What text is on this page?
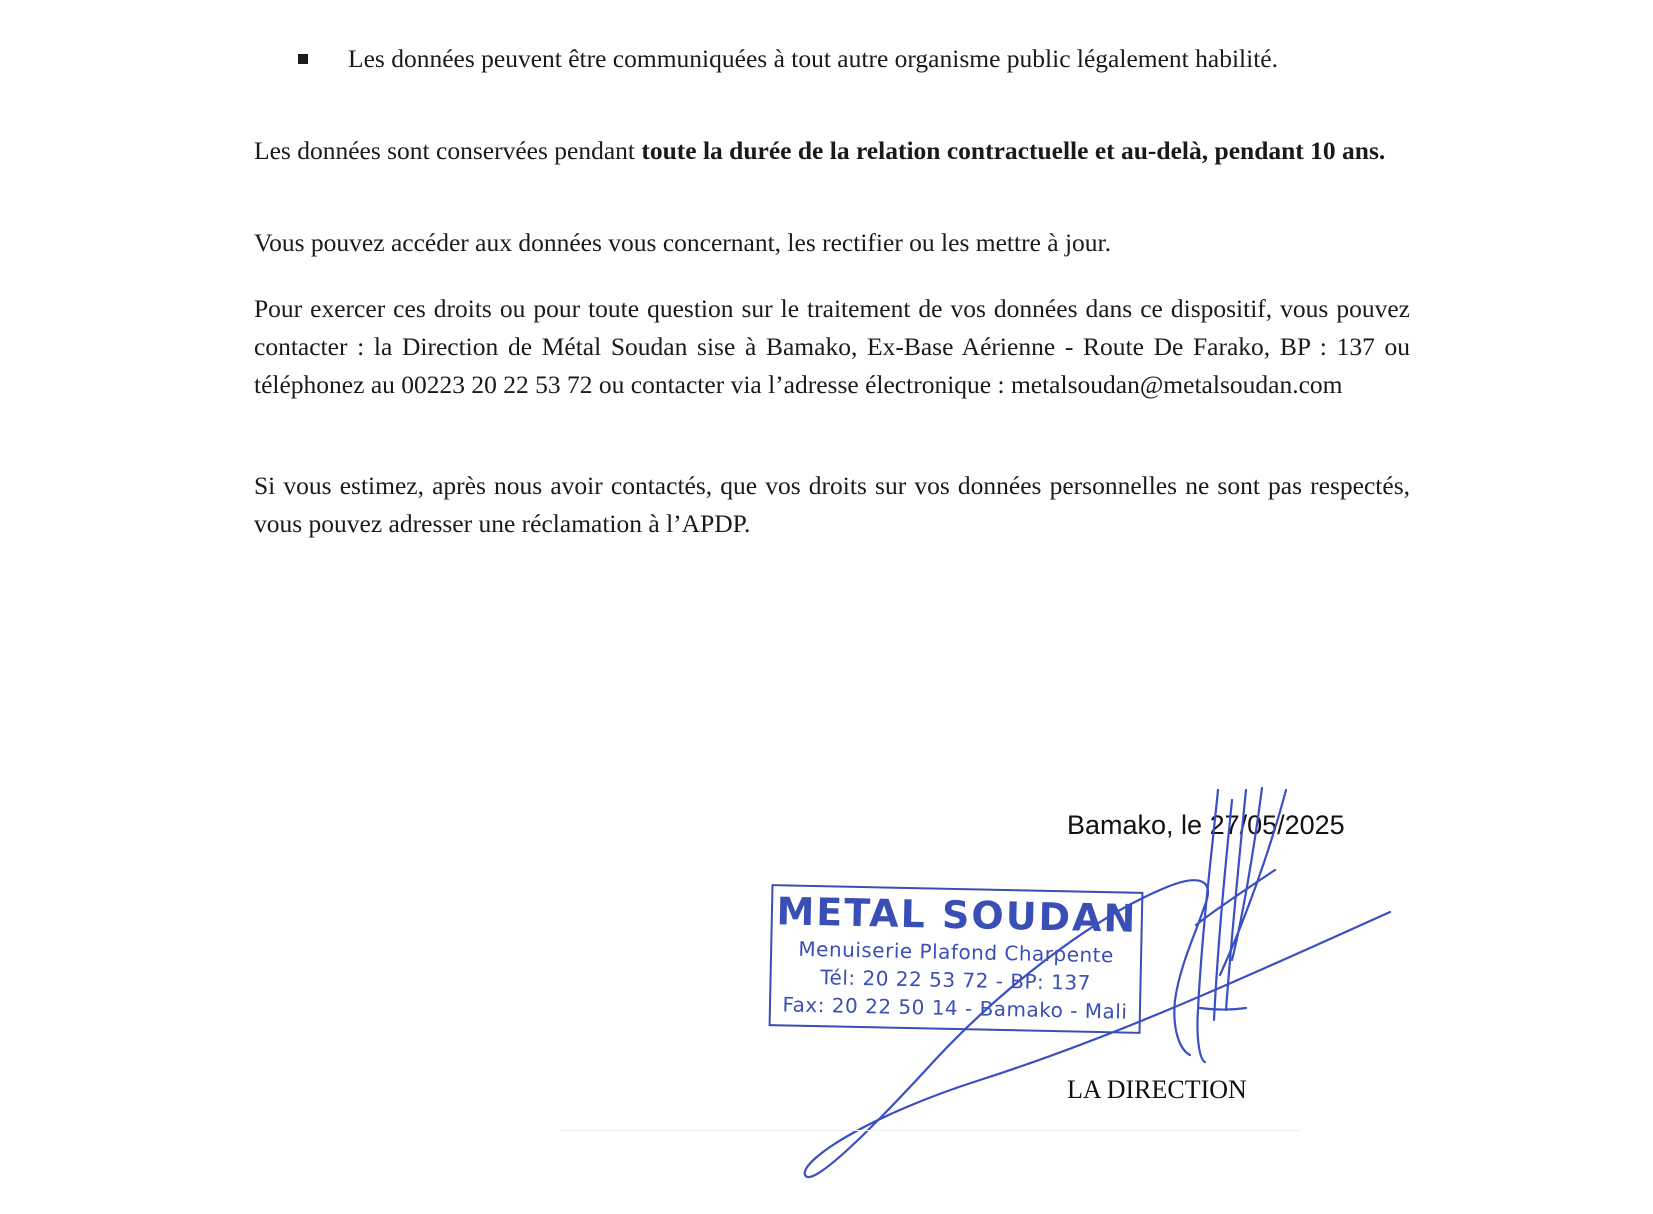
Les données peuvent être communiquées à tout autre organisme public légalement habilité.

Les données sont conservées pendant toute la durée de la relation contractuelle et au-delà, pendant 10 ans.

Vous pouvez accéder aux données vous concernant, les rectifier ou les mettre à jour.

Pour exercer ces droits ou pour toute question sur le traitement de vos données dans ce dispositif, vous pouvez contacter : la Direction de Métal Soudan sise à Bamako, Ex-Base Aérienne - Route De Farako, BP : 137 ou téléphonez au 00223 20 22 53 72 ou contacter via l’adresse électronique : metalsoudan@metalsoudan.com

Si vous estimez, après nous avoir contactés, que vos droits sur vos données personnelles ne sont pas respectés, vous pouvez adresser une réclamation à l’APDP.

Bamako, le 27/05/2025
METAL SOUDAN
Menuiserie Plafond Charpente
Tél: 20 22 53 72 - BP: 137
Fax: 20 22 50 14 - Bamako - Mali
LA DIRECTION
